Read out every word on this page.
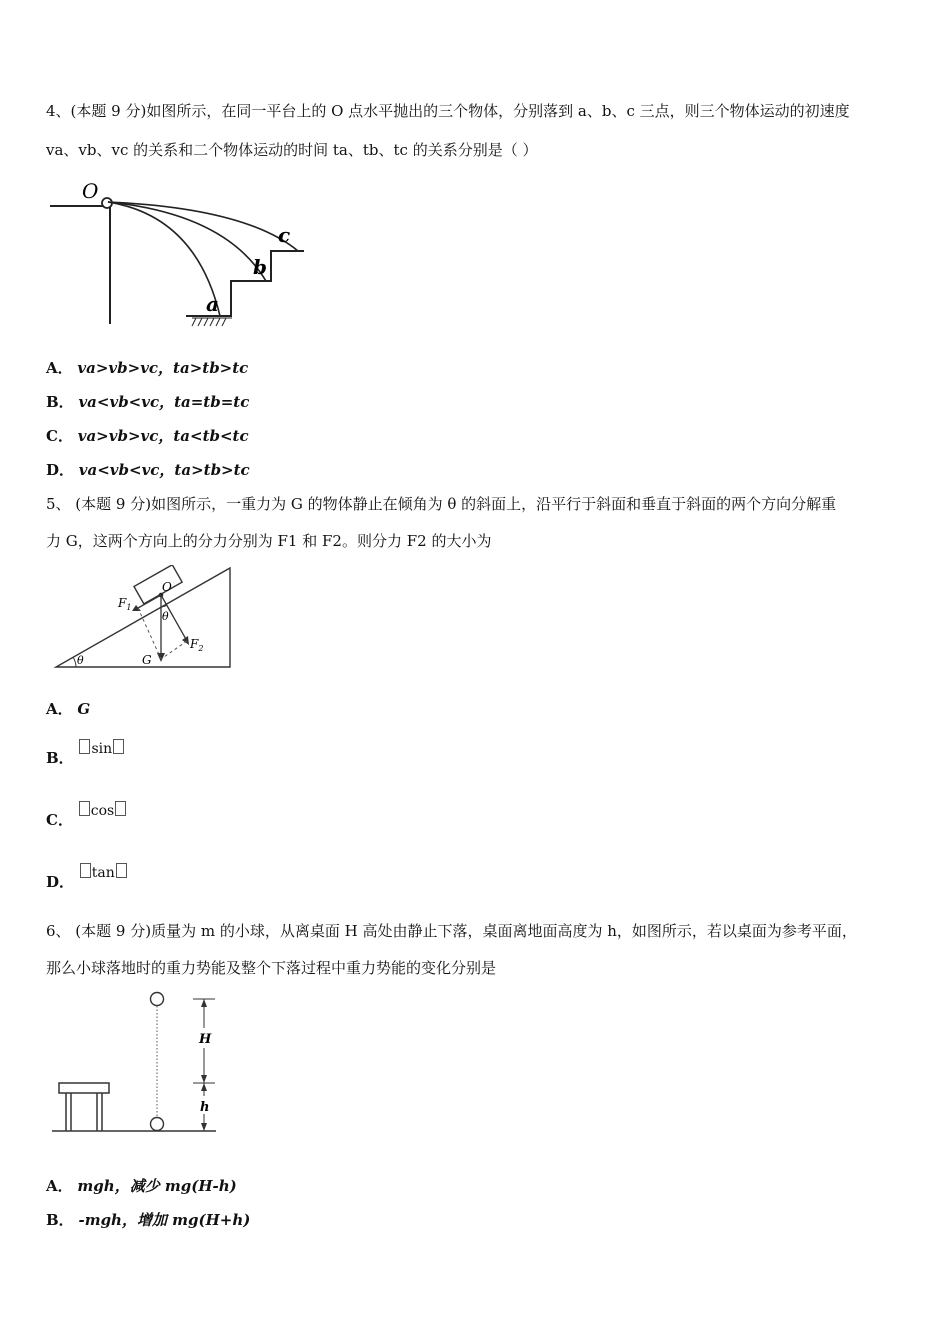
4、(本题 9 分)如图所示，在同一平台上的 O 点水平抛出的三个物体，分别落到 a、b、c 三点，则三个物体运动的初速度
va、vb、vc 的关系和二个物体运动的时间 ta、tb、tc 的关系分别是（ ）
O
a
b
c
A． va>vb>vc，ta>tb>tc
B． va<vb<vc，ta=tb=tc
C． va>vb>vc，ta<tb<tc
D． va<vb<vc，ta>tb>tc
5、 (本题 9 分)如图所示，一重力为 G 的物体静止在倾角为 θ 的斜面上，沿平行于斜面和垂直于斜面的两个方向分解重
力 G，这两个方向上的分力分别为 F1 和 F2。则分力 F2 的大小为
$F_1$
$F_2$
O
θ
θ	G
A． G
B． sin
C． cos
D． tan
6、 (本题 9 分)质量为 m 的小球，从离桌面 H 高处由静止下落，桌面离地面高度为 h，如图所示，若以桌面为参考平面，
那么小球落地时的重力势能及整个下落过程中重力势能的变化分别是
H
h
A． mgh，减少 mg(H-h)
B． -mgh，增加 mg(H+h)
